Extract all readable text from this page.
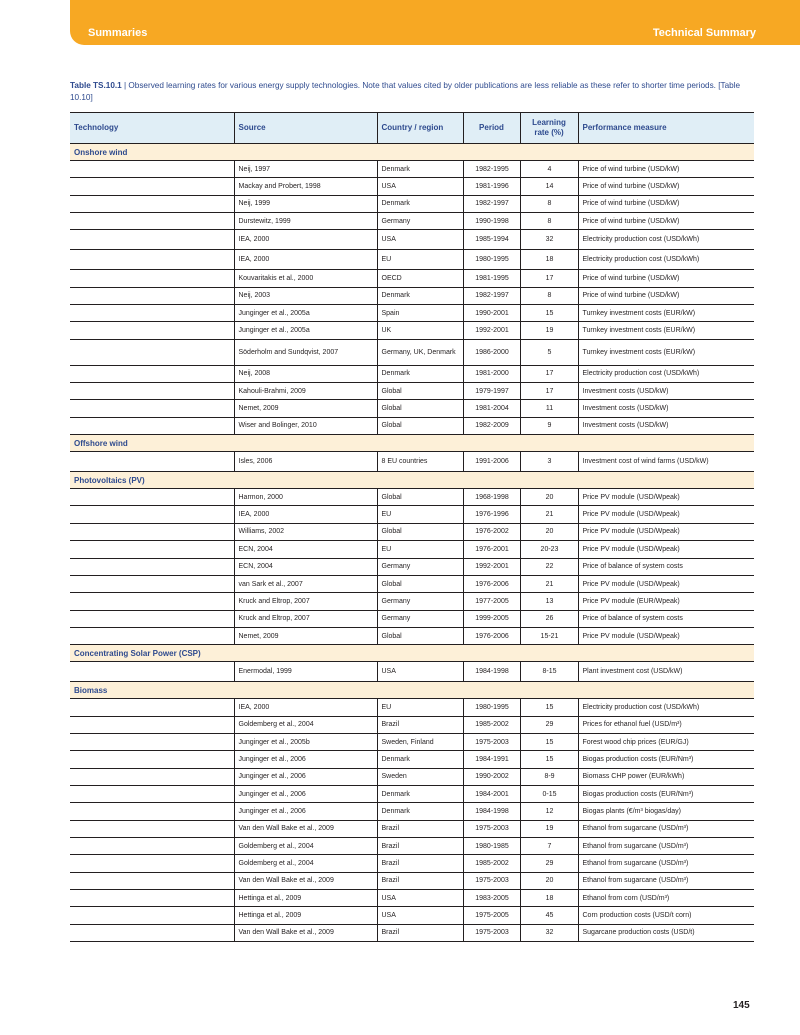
Summaries	Technical Summary
Table TS.10.1 | Observed learning rates for various energy supply technologies. Note that values cited by older publications are less reliable as these refer to shorter time periods. [Table 10.10]
Technology	Source	Country / region	Period	Learning rate (%)	Performance measure
Onshore wind					
	Neij, 1997	Denmark	1982-1995	4	Price of wind turbine (USD/kW)
	Mackay and Probert, 1998	USA	1981-1996	14	Price of wind turbine (USD/kW)
	Neij, 1999	Denmark	1982-1997	8	Price of wind turbine (USD/kW)
	Durstewitz, 1999	Germany	1990-1998	8	Price of wind turbine (USD/kW)
	IEA, 2000	USA	1985-1994	32	Electricity production cost (USD/kWh)
	IEA, 2000	EU	1980-1995	18	Electricity production cost (USD/kWh)
	Kouvaritakis et al., 2000	OECD	1981-1995	17	Price of wind turbine (USD/kW)
	Neij, 2003	Denmark	1982-1997	8	Price of wind turbine (USD/kW)
	Junginger et al., 2005a	Spain	1990-2001	15	Turnkey investment costs (EUR/kW)
	Junginger et al., 2005a	UK	1992-2001	19	Turnkey investment costs (EUR/kW)
	Söderholm and Sundqvist, 2007	Germany, UK, Denmark	1986-2000	5	Turnkey investment costs (EUR/kW)
	Neij, 2008	Denmark	1981-2000	17	Electricity production cost (USD/kWh)
	Kahouli-Brahmi, 2009	Global	1979-1997	17	Investment costs (USD/kW)
	Nemet, 2009	Global	1981-2004	11	Investment costs (USD/kW)
	Wiser and Bolinger, 2010	Global	1982-2009	9	Investment costs (USD/kW)
Offshore wind					
	Isles, 2006	8 EU countries	1991-2006	3	Investment cost of wind farms (USD/kW)
Photovoltaics (PV)					
	Harmon, 2000	Global	1968-1998	20	Price PV module (USD/Wpeak)
	IEA, 2000	EU	1976-1996	21	Price PV module (USD/Wpeak)
	Williams, 2002	Global	1976-2002	20	Price PV module (USD/Wpeak)
	ECN, 2004	EU	1976-2001	20-23	Price PV module (USD/Wpeak)
	ECN, 2004	Germany	1992-2001	22	Price of balance of system costs
	van Sark et al., 2007	Global	1976-2006	21	Price PV module (USD/Wpeak)
	Kruck and Eltrop, 2007	Germany	1977-2005	13	Price PV module (EUR/Wpeak)
	Kruck and Eltrop, 2007	Germany	1999-2005	26	Price of balance of system costs
	Nemet, 2009	Global	1976-2006	15-21	Price PV module (USD/Wpeak)
Concentrating Solar Power (CSP)					
	Enermodal, 1999	USA	1984-1998	8-15	Plant investment cost (USD/kW)
Biomass					
	IEA, 2000	EU	1980-1995	15	Electricity production cost (USD/kWh)
	Goldemberg et al., 2004	Brazil	1985-2002	29	Prices for ethanol fuel (USD/m³)
	Junginger et al., 2005b	Sweden, Finland	1975-2003	15	Forest wood chip prices (EUR/GJ)
	Junginger et al., 2006	Denmark	1984-1991	15	Biogas production costs (EUR/Nm³)
	Junginger et al., 2006	Sweden	1990-2002	8-9	Biomass CHP power (EUR/kWh)
	Junginger et al., 2006	Denmark	1984-2001	0-15	Biogas production costs (EUR/Nm³)
	Junginger et al., 2006	Denmark	1984-1998	12	Biogas plants (€/m³ biogas/day)
	Van den Wall Bake et al., 2009	Brazil	1975-2003	19	Ethanol from sugarcane (USD/m³)
	Goldemberg et al., 2004	Brazil	1980-1985	7	Ethanol from sugarcane (USD/m³)
	Goldemberg et al., 2004	Brazil	1985-2002	29	Ethanol from sugarcane (USD/m³)
	Van den Wall Bake et al., 2009	Brazil	1975-2003	20	Ethanol from sugarcane (USD/m³)
	Hettinga et al., 2009	USA	1983-2005	18	Ethanol from corn (USD/m³)
	Hettinga et al., 2009	USA	1975-2005	45	Corn production costs (USD/t corn)
	Van den Wall Bake et al., 2009	Brazil	1975-2003	32	Sugarcane production costs (USD/t)
145
